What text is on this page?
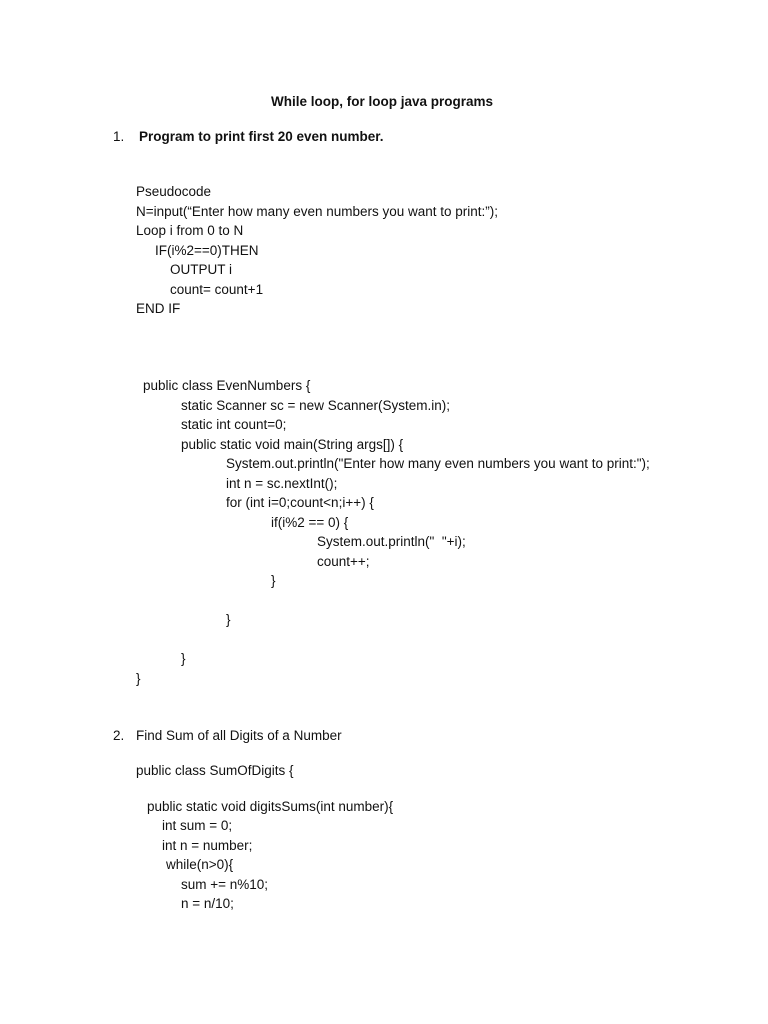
While loop, for loop java programs

1. Program to print first 20 even number.

Pseudocode

N=input(“Enter how many even numbers you want to print:”);

Loop i from 0 to N

IF(i%2==0)THEN

OUTPUT i

count= count+1

END IF

public class EvenNumbers {

static Scanner sc = new Scanner(System.in);

static int count=0;

public static void main(String args[]) {

System.out.println("Enter how many even numbers you want to print:");

int n = sc.nextInt();

for (int i=0;count<n;i++) {

if(i%2 == 0) {

System.out.println("  "+i);

count++;

}

}

}

}

2. Find Sum of all Digits of a Number

public class SumOfDigits {

public static void digitsSums(int number){

int sum = 0;

int n = number;

while(n>0){

sum += n%10;

n = n/10;
